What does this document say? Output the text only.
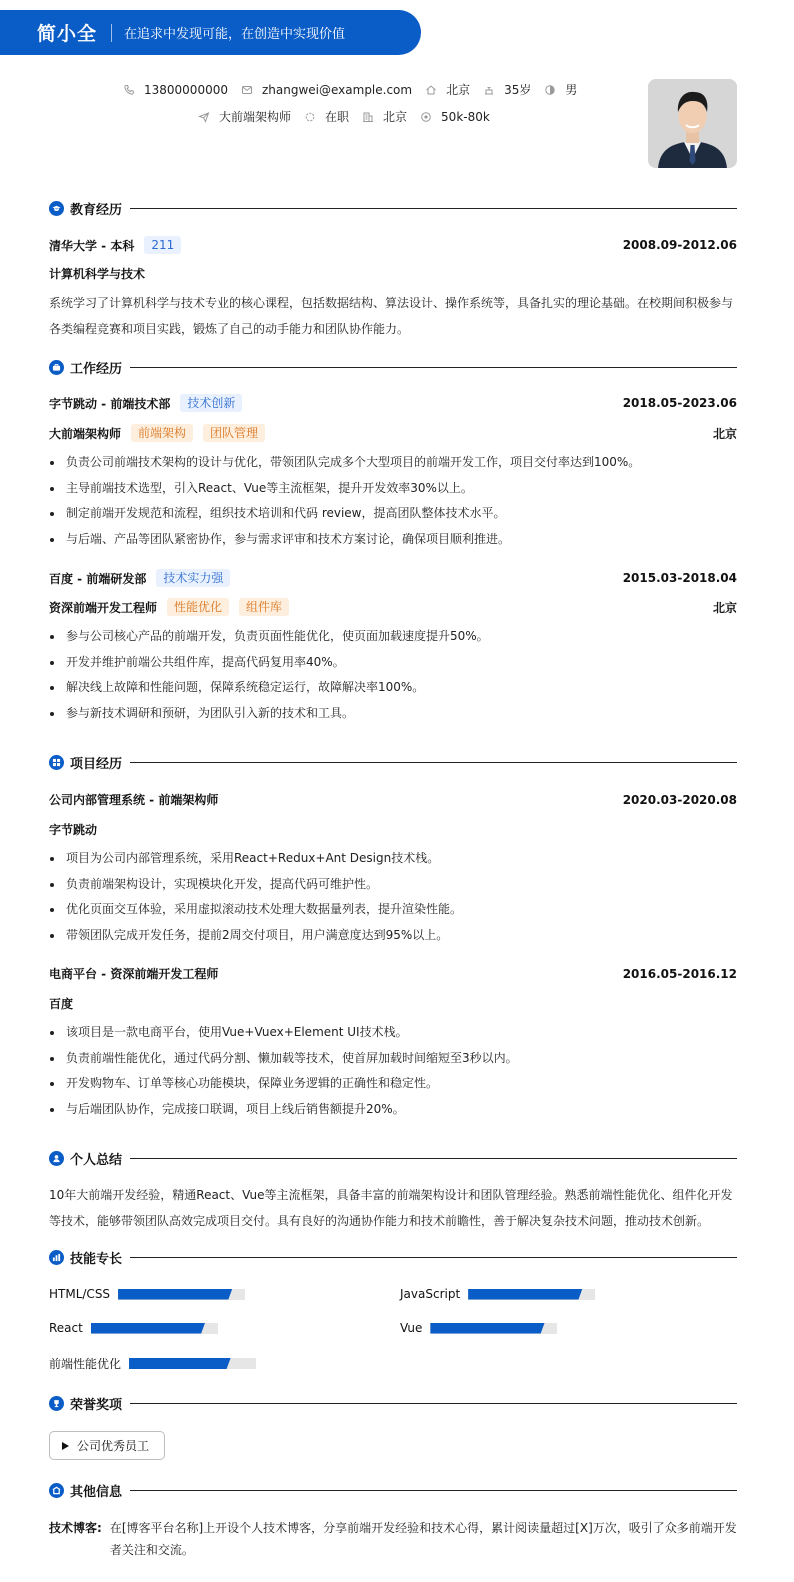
简小全 在追求中发现可能，在创造中实现价值
13800000000	zhangwei@example.com	北京	35岁	男
大前端架构师	在职	北京	50k-80k
教育经历
清华大学 - 本科	211	2008.09-2012.06
计算机科学与技术
系统学习了计算机科学与技术专业的核心课程，包括数据结构、算法设计、操作系统等，具备扎实的理论基础。在校期间积极参与各类编程竞赛和项目实践，锻炼了自己的动手能力和团队协作能力。
工作经历
字节跳动 - 前端技术部	技术创新	2018.05-2023.06
大前端架构师	前端架构	团队管理	北京
负责公司前端技术架构的设计与优化，带领团队完成多个大型项目的前端开发工作，项目交付率达到100%。
主导前端技术选型，引入React、Vue等主流框架，提升开发效率30%以上。
制定前端开发规范和流程，组织技术培训和代码 review，提高团队整体技术水平。
与后端、产品等团队紧密协作，参与需求评审和技术方案讨论，确保项目顺利推进。
百度 - 前端研发部	技术实力强	2015.03-2018.04
资深前端开发工程师	性能优化	组件库	北京
参与公司核心产品的前端开发，负责页面性能优化，使页面加载速度提升50%。
开发并维护前端公共组件库，提高代码复用率40%。
解决线上故障和性能问题，保障系统稳定运行，故障解决率100%。
参与新技术调研和预研，为团队引入新的技术和工具。
项目经历
公司内部管理系统 - 前端架构师	2020.03-2020.08
字节跳动
项目为公司内部管理系统，采用React+Redux+Ant Design技术栈。
负责前端架构设计，实现模块化开发，提高代码可维护性。
优化页面交互体验，采用虚拟滚动技术处理大数据量列表，提升渲染性能。
带领团队完成开发任务，提前2周交付项目，用户满意度达到95%以上。
电商平台 - 资深前端开发工程师	2016.05-2016.12
百度
该项目是一款电商平台，使用Vue+Vuex+Element UI技术栈。
负责前端性能优化，通过代码分割、懒加载等技术，使首屏加载时间缩短至3秒以内。
开发购物车、订单等核心功能模块，保障业务逻辑的正确性和稳定性。
与后端团队协作，完成接口联调，项目上线后销售额提升20%。
个人总结
10年大前端开发经验，精通React、Vue等主流框架，具备丰富的前端架构设计和团队管理经验。熟悉前端性能优化、组件化开发等技术，能够带领团队高效完成项目交付。具有良好的沟通协作能力和技术前瞻性，善于解决复杂技术问题，推动技术创新。
技能专长
HTML/CSS	JavaScript
React	Vue
前端性能优化
荣誉奖项
公司优秀员工
其他信息
技术博客: 在[博客平台名称]上开设个人技术博客，分享前端开发经验和技术心得，累计阅读量超过[X]万次，吸引了众多前端开发者关注和交流。
